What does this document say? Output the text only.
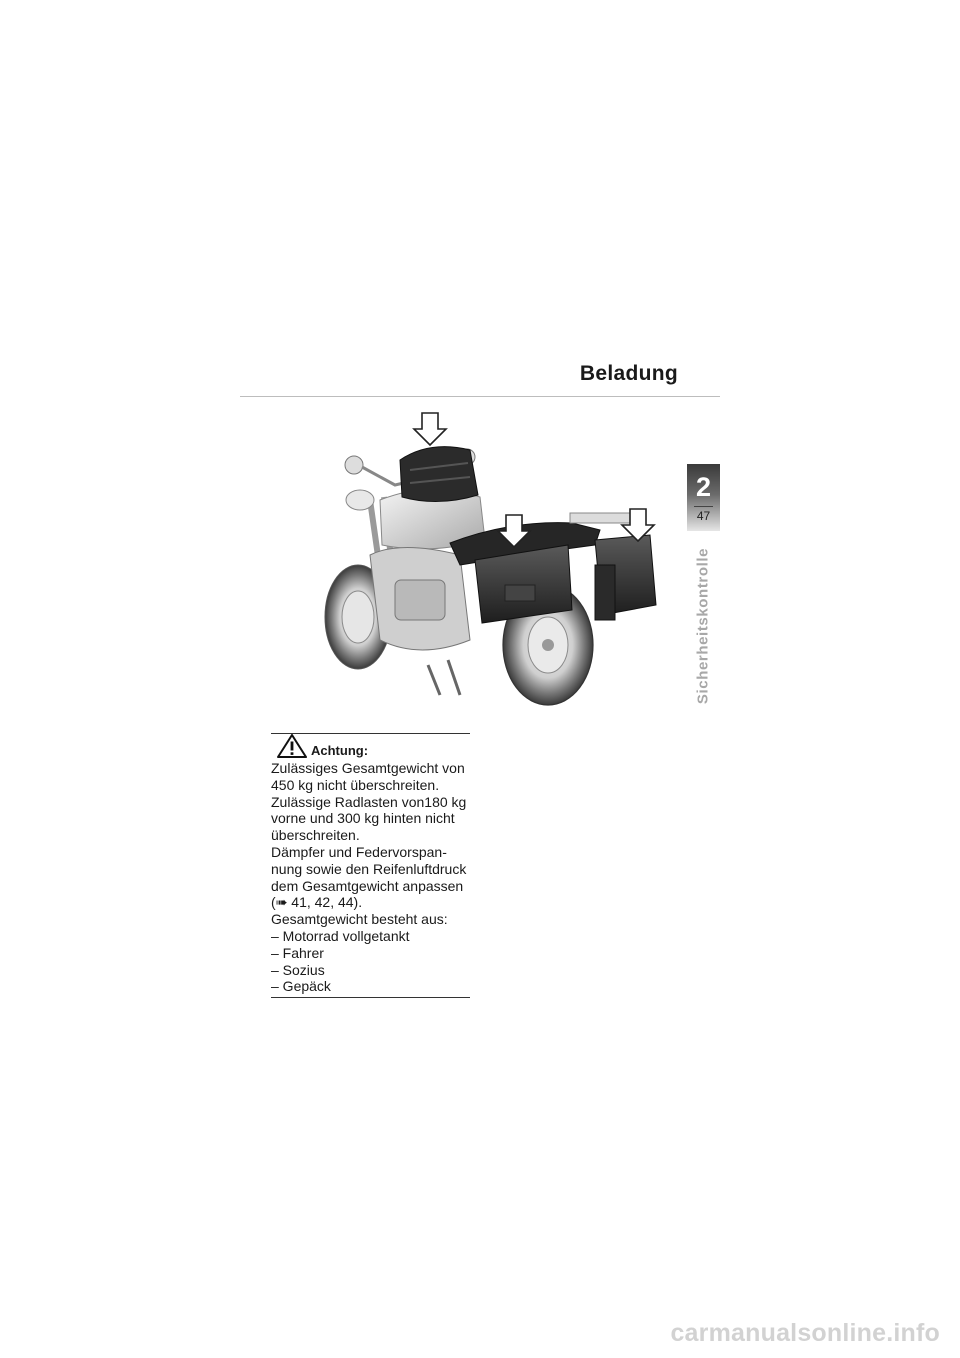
Beladung
2
47
Sicherheitskontrolle
Achtung:
Zulässiges Gesamtgewicht von 450 kg nicht überschreiten.
Zulässige Radlasten von180 kg vorne und 300 kg hinten nicht überschreiten.
Dämpfer und Federvorspan-nung sowie den Reifenluftdruck dem Gesamtgewicht anpassen
(➠ 41, 42, 44).
Gesamtgewicht besteht aus:
– Motorrad vollgetankt
– Fahrer
– Sozius
– Gepäck
carmanualsonline.info
